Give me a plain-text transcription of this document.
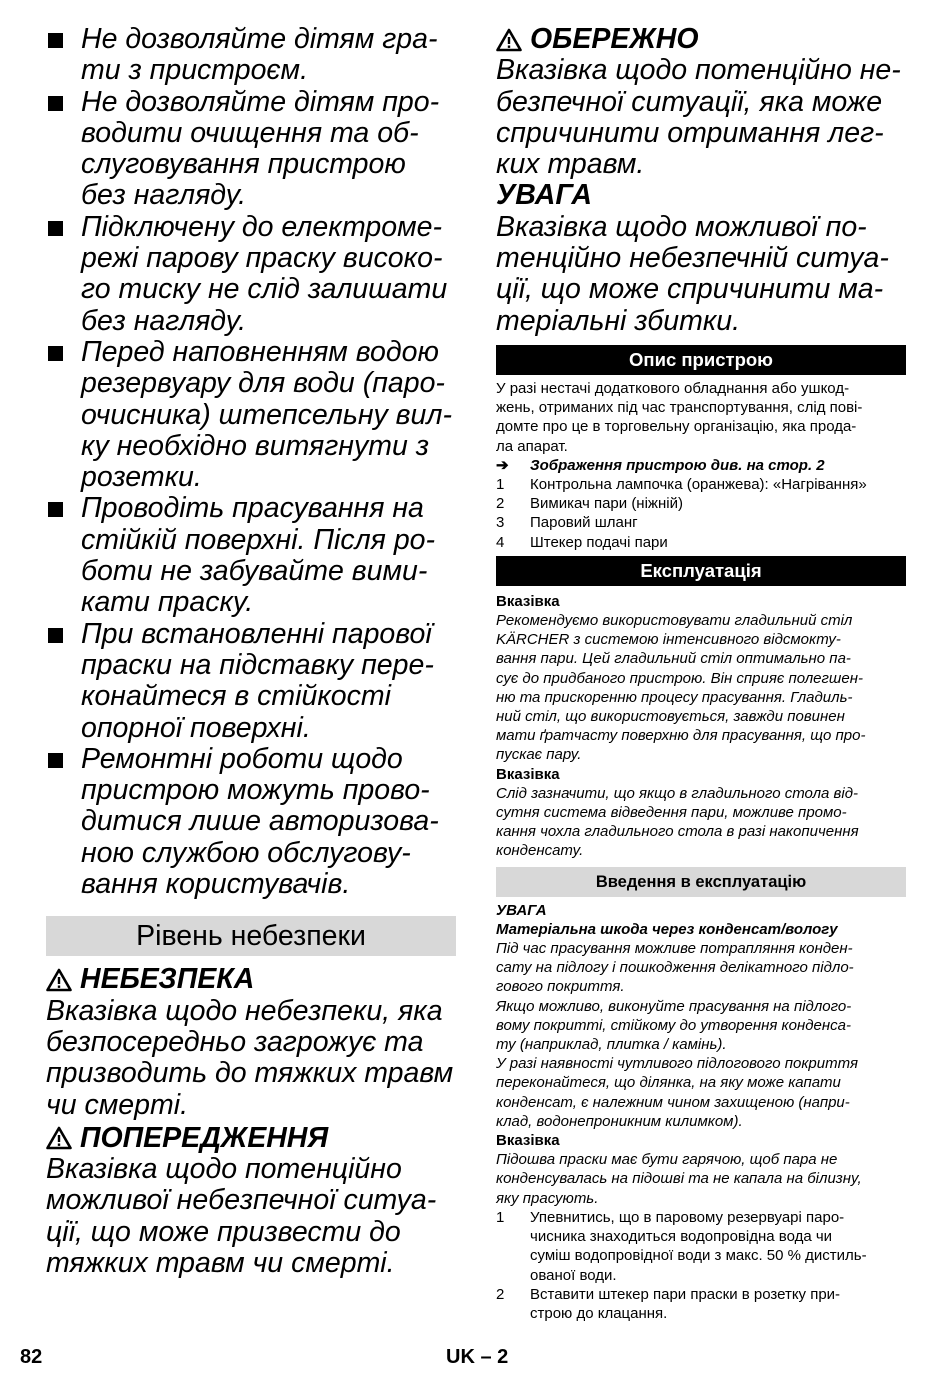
Не дозволяйте дітям гра-
ти з пристроєм.
Не дозволяйте дітям про-
водити очищення та об-
слуговування пристрою
без нагляду.
Підключену до електроме-
режі парову праску високо-
го тиску не слід залишати
без нагляду.
Перед наповненням водою
резервуару для води (паро-
очисника) штепсельну вил-
ку необхідно витягнути з
розетки.
Проводіть прасування на
стійкій поверхні. Після ро-
боти не забувайте вими-
кати праску.
При встановленні парової
праски на підставку пере-
конайтеся в стійкості
опорної поверхні.
Ремонтні роботи щодо
пристрою можуть прово-
дитися лише авторизова-
ною службою обслугову-
вання користувачів.
Рівень небезпеки
НЕБЕЗПЕКА
Вказівка щодо небезпеки, яка
безпосередньо загрожує та
призводить до тяжких травм
чи смерті.
ПОПЕРЕДЖЕННЯ
Вказівка щодо потенційно
можливої небезпечної ситуа-
ції, що може призвести до
тяжких травм чи смерті.
ОБЕРЕЖНО
Вказівка щодо потенційно не-
безпечної ситуації, яка може
спричинити отримання лег-
ких травм.
УВАГА
Вказівка щодо можливої по-
тенційно небезпечній ситуа-
ції, що може спричинити ма-
теріальні збитки.
Опис пристрою
У разі нестачі додаткового обладнання або ушкод-
жень, отриманих під час транспортування, слід пові-
домте про це в торговельну організацію, яка прода-
ла апарат.
➔ Зображення пристрою див. на стор. 2
1 Контрольна лампочка (оранжева): «Нагрівання»
2 Вимикач пари (ніжній)
3 Паровий шланг
4 Штекер подачі пари
Експлуатація
Вказівка
Рекомендуємо використовувати гладильний стіл
KÄRCHER з системою інтенсивного відсмокту-
вання пари. Цей гладильний стіл оптимально па-
сує до придбаного пристрою. Він сприяє полегшен-
ню та прискоренню процесу прасування. Гладиль-
ний стіл, що використовується, завжди повинен
мати ґратчасту поверхню для прасування, що про-
пускає пару.
Вказівка
Слід зазначити, що якщо в гладильного стола від-
сутня система відведення пари, можливе промо-
кання чохла гладильного стола в разі накопичення
конденсату.
Введення в експлуатацію
УВАГА
Матеріальна шкода через конденсат/вологу
Під час прасування можливе потрапляння конден-
сату на підлогу і пошкодження делікатного підло-
гового покриття.
Якщо можливо, виконуйте прасування на підлого-
вому покритті, стійкому до утворення конденса-
ту (наприклад, плитка / камінь).
У разі наявності чутливого підлогового покриття
переконайтеся, що ділянка, на яку може капати
конденсат, є належним чином захищеною (напри-
клад, водонепроникним килимком).
Вказівка
Підошва праски має бути гарячою, щоб пара не
конденсувалась на підошві та не капала на білизну,
яку прасують.
1 Упевнитись, що в паровому резервуарі паро-
чисника знаходиться водопровідна вода чи
суміш водопровідної води з макс. 50 % дистиль-
ованої води.
2 Вставити штекер пари праски в розетку при-
строю до клацання.
82	UK – 2
